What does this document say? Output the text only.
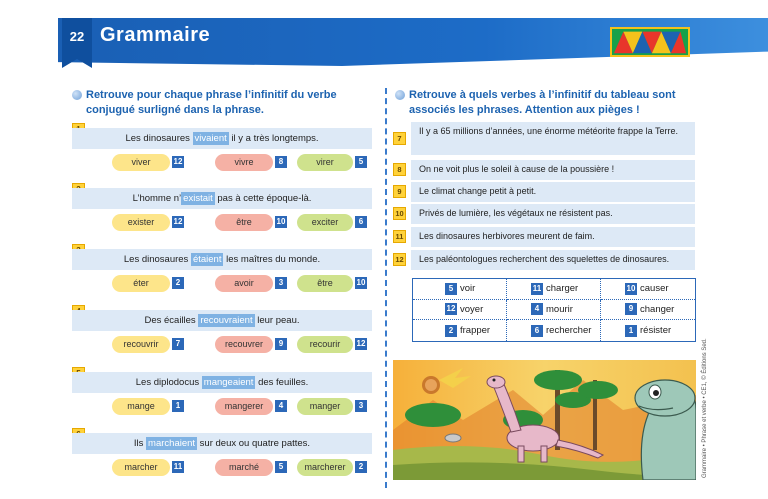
22 Grammaire
Retrouve pour chaque phrase l’infinitif du verbe conjugué surligné dans la phrase.
Retrouve à quels verbes à l’infinitif du tableau sont associés les phrases. Attention aux pièges !
Les dinosaures vivaient il y a très longtemps.
viver	12	vivre	8	virer	5
L’homme n’ existait pas à cette époque-là.
exister	12	être	10	exciter	6
Les dinosaures étaient les maîtres du monde.
éter	2	avoir	3	être	10
Des écailles recouvraient leur peau.
recouvrir	7	recouvrer	9	recourir	12
Les diplodocus mangeaient des feuilles.
mange	1	mangerer	4	manger	3
Ils marchaient sur deux ou quatre pattes.
marcher	11	marché	5	marcherer	2
7
Il y a 65 millions d’années, une énorme météorite frappe la Terre.
8	On ne voit plus le soleil à cause de la poussière !
9	Le climat change petit à petit.
10	Privés de lumière, les végétaux ne résistent pas.
11	Les dinosaures herbivores meurent de faim.
12	Les paléontologues recherchent des squelettes de dinosaures.
5 voir	11 charger	10 causer
12 voyer	4 mourir	9 changer
2 frapper	6 rechercher	1 résister
Grammaire • Phrase et verbe • CE1, © Éditions Sed.
